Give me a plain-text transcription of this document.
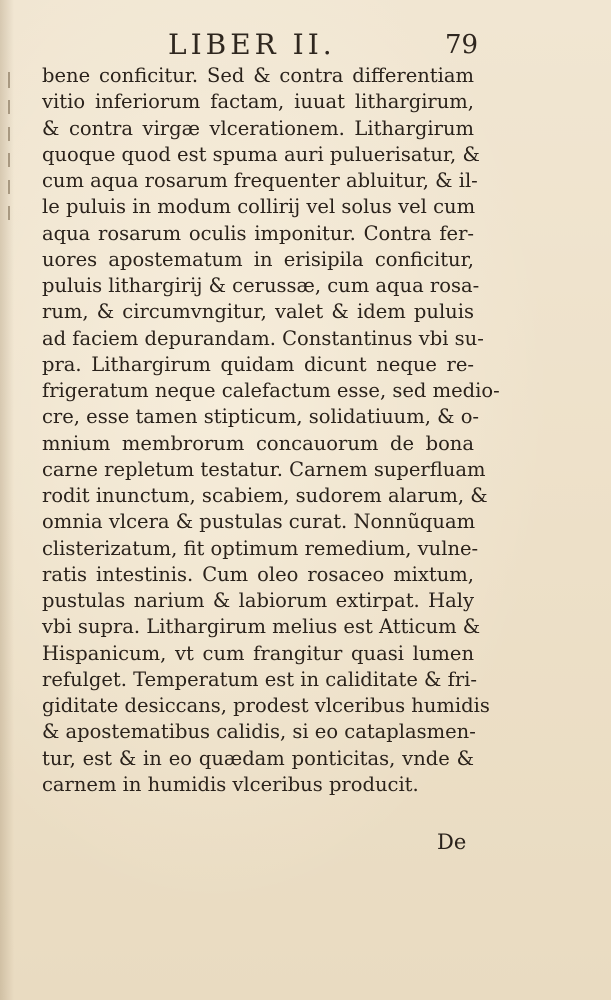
LIBER II.	79
bene conficitur. Sed & contra differentiam
vitio inferiorum factam, iuuat lithargirum,
& contra virgæ vlcerationem. Lithargirum
quoque quod est spuma auri puluerisatur, &
cum aqua rosarum frequenter abluitur, & il-
le puluis in modum collirij vel solus vel cum
aqua rosarum oculis imponitur. Contra fer-
uores apostematum in erisipila conficitur,
puluis lithargirij & cerussæ, cum aqua rosa-
rum, & circumvngitur, valet & idem puluis
ad faciem depurandam. Constantinus vbi su-
pra. Lithargirum quidam dicunt neque re-
frigeratum neque calefactum esse, sed medio-
cre, esse tamen stipticum, solidatiuum, & o-
mnium membrorum concauorum de bona
carne repletum testatur. Carnem superfluam
rodit inunctum, scabiem, sudorem alarum, &
omnia vlcera & pustulas curat. Nonnũquam
clisterizatum, fit optimum remedium, vulne-
ratis intestinis. Cum oleo rosaceo mixtum,
pustulas narium & labiorum extirpat. Haly
vbi supra. Lithargirum melius est Atticum &
Hispanicum, vt cum frangitur quasi lumen
refulget. Temperatum est in caliditate & fri-
giditate desiccans, prodest vlceribus humidis
& apostematibus calidis, si eo cataplasmen-
tur, est & in eo quædam ponticitas, vnde &
carnem in humidis vlceribus producit.
De
